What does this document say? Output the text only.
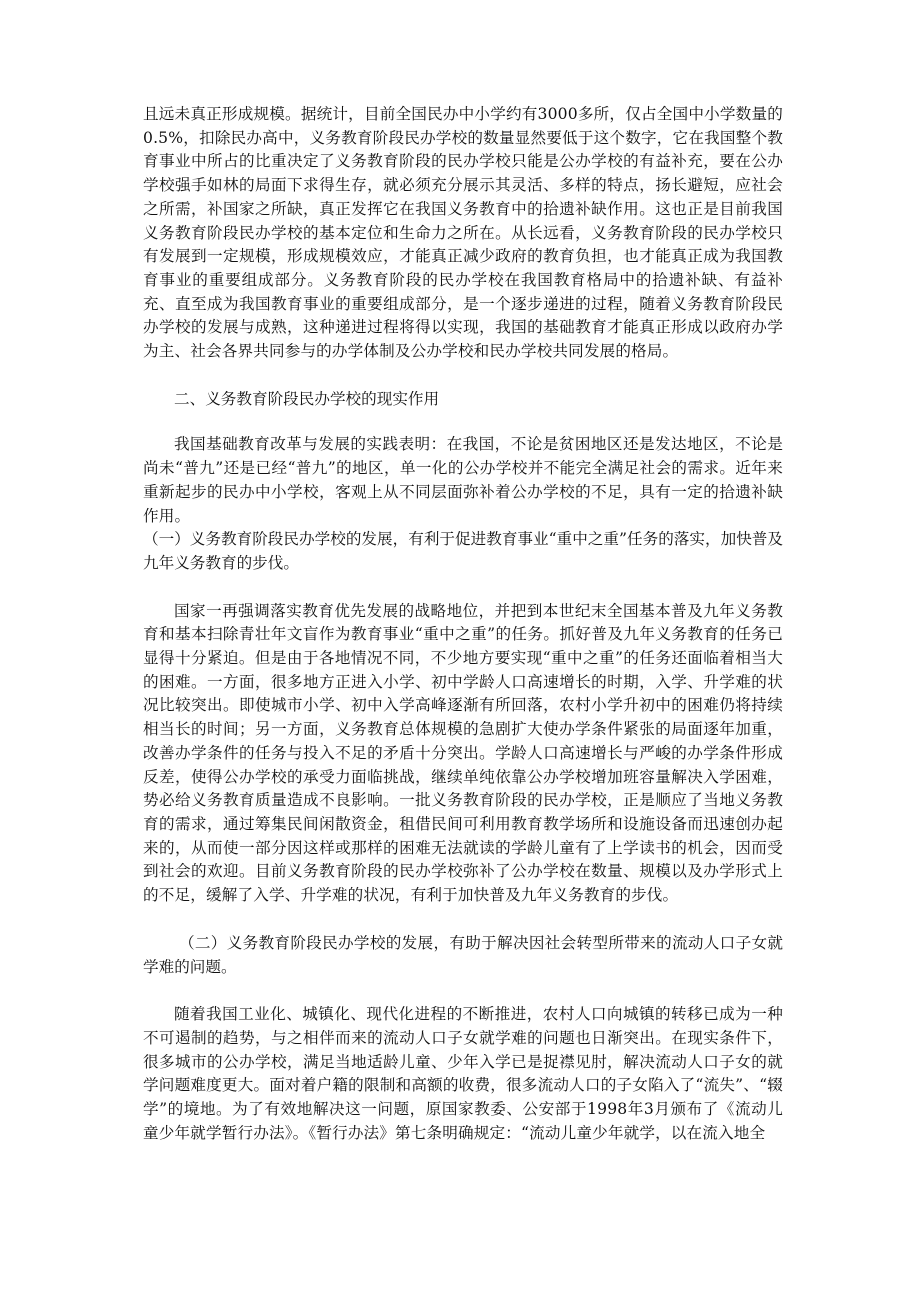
且远未真正形成规模。据统计，目前全国民办中小学约有3000多所，仅占全国中小学数量的0.5%，扣除民办高中，义务教育阶段民办学校的数量显然要低于这个数字，它在我国整个教育事业中所占的比重决定了义务教育阶段的民办学校只能是公办学校的有益补充，要在公办学校强手如林的局面下求得生存，就必须充分展示其灵活、多样的特点，扬长避短，应社会之所需，补国家之所缺，真正发挥它在我国义务教育中的拾遗补缺作用。这也正是目前我国义务教育阶段民办学校的基本定位和生命力之所在。从长远看，义务教育阶段的民办学校只有发展到一定规模，形成规模效应，才能真正减少政府的教育负担，也才能真正成为我国教育事业的重要组成部分。义务教育阶段的民办学校在我国教育格局中的拾遗补缺、有益补充、直至成为我国教育事业的重要组成部分，是一个逐步递进的过程，随着义务教育阶段民办学校的发展与成熟，这种递进过程将得以实现，我国的基础教育才能真正形成以政府办学为主、社会各界共同参与的办学体制及公办学校和民办学校共同发展的格局。

二、义务教育阶段民办学校的现实作用

我国基础教育改革与发展的实践表明：在我国，不论是贫困地区还是发达地区，不论是尚未“普九”还是已经“普九”的地区，单一化的公办学校并不能完全满足社会的需求。近年来重新起步的民办中小学校，客观上从不同层面弥补着公办学校的不足，具有一定的拾遗补缺作用。

（一）义务教育阶段民办学校的发展，有利于促进教育事业“重中之重”任务的落实，加快普及九年义务教育的步伐。

国家一再强调落实教育优先发展的战略地位，并把到本世纪末全国基本普及九年义务教育和基本扫除青壮年文盲作为教育事业“重中之重”的任务。抓好普及九年义务教育的任务已显得十分紧迫。但是由于各地情况不同，不少地方要实现“重中之重”的任务还面临着相当大的困难。一方面，很多地方正进入小学、初中学龄人口高速增长的时期，入学、升学难的状况比较突出。即使城市小学、初中入学高峰逐渐有所回落，农村小学升初中的困难仍将持续相当长的时间；另一方面，义务教育总体规模的急剧扩大使办学条件紧张的局面逐年加重，改善办学条件的任务与投入不足的矛盾十分突出。学龄人口高速增长与严峻的办学条件形成反差，使得公办学校的承受力面临挑战，继续单纯依靠公办学校增加班容量解决入学困难，势必给义务教育质量造成不良影响。一批义务教育阶段的民办学校，正是顺应了当地义务教育的需求，通过筹集民间闲散资金，租借民间可利用教育教学场所和设施设备而迅速创办起来的，从而使一部分因这样或那样的困难无法就读的学龄儿童有了上学读书的机会，因而受到社会的欢迎。目前义务教育阶段的民办学校弥补了公办学校在数量、规模以及办学形式上的不足，缓解了入学、升学难的状况，有利于加快普及九年义务教育的步伐。

（二）义务教育阶段民办学校的发展，有助于解决因社会转型所带来的流动人口子女就学难的问题。

随着我国工业化、城镇化、现代化进程的不断推进，农村人口向城镇的转移已成为一种不可遏制的趋势，与之相伴而来的流动人口子女就学难的问题也日渐突出。在现实条件下，很多城市的公办学校，满足当地适龄儿童、少年入学已是捉襟见肘，解决流动人口子女的就学问题难度更大。面对着户籍的限制和高额的收费，很多流动人口的子女陷入了“流失”、“辍学”的境地。为了有效地解决这一问题，原国家教委、公安部于1998年3月颁布了《流动儿童少年就学暂行办法》。《暂行办法》第七条明确规定：“流动儿童少年就学，以在流入地全
